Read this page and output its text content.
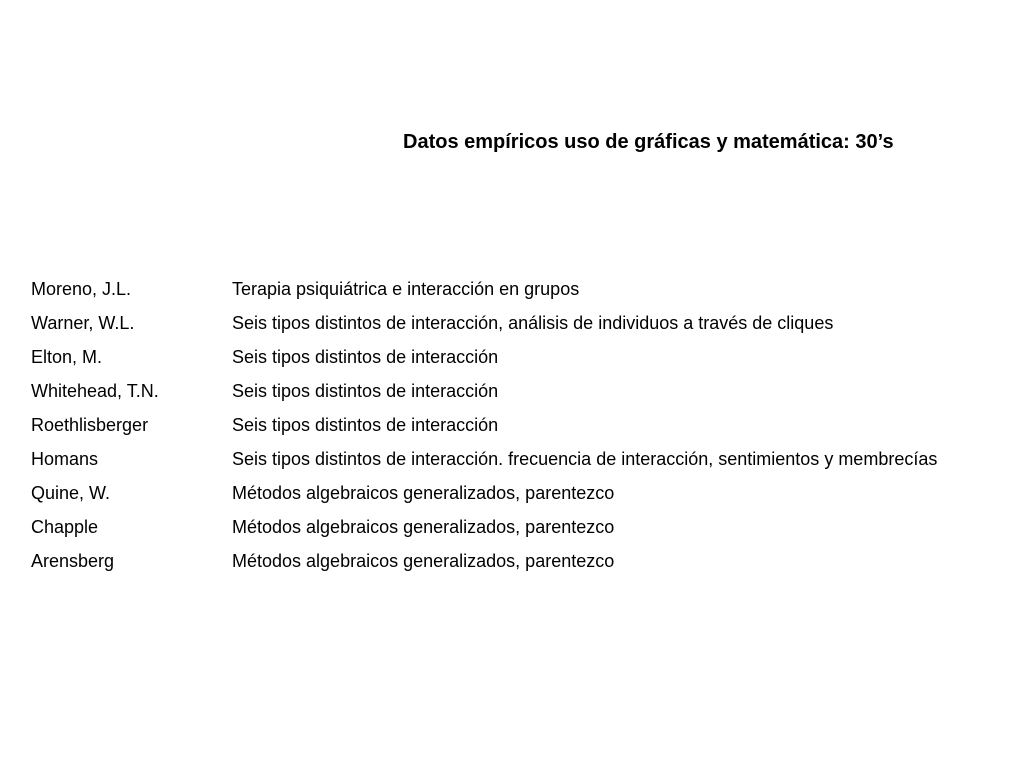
Datos empíricos uso de gráficas y matemática: 30’s
Moreno, J.L.	Terapia psiquiátrica e interacción en grupos
Warner, W.L.	Seis tipos distintos de interacción, análisis de individuos a través de cliques
Elton, M.	Seis tipos distintos de interacción
Whitehead, T.N.	Seis tipos distintos de interacción
Roethlisberger	Seis tipos distintos de interacción
Homans	Seis tipos distintos de interacción. frecuencia de interacción, sentimientos y membrecías
Quine, W.	Métodos algebraicos generalizados, parentezco
Chapple	Métodos algebraicos generalizados, parentezco
Arensberg	Métodos algebraicos generalizados, parentezco
